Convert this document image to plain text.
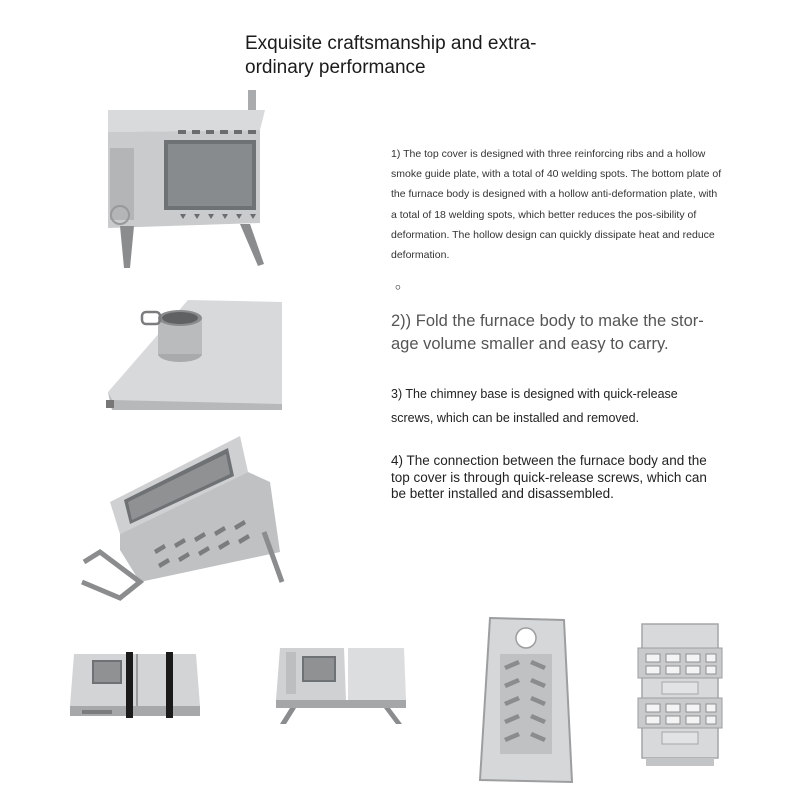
Exquisite craftsmanship and extra-ordinary performance
1) The top cover is designed with three reinforcing ribs and a hollow smoke guide plate, with a total of 40 welding spots. The bottom plate of the furnace body is designed with a hollow anti-deformation plate, with a total of 18 welding spots, which better reduces the pos-sibility of deformation. The hollow design can quickly dissipate heat and reduce deformation.
。
2)) Fold the furnace body to make the stor-age volume smaller and easy to carry.
3) The chimney base is designed with quick-release screws, which can be installed and removed.
4) The connection between the furnace body and the top cover is through quick-release screws, which can be better installed and disassembled.
